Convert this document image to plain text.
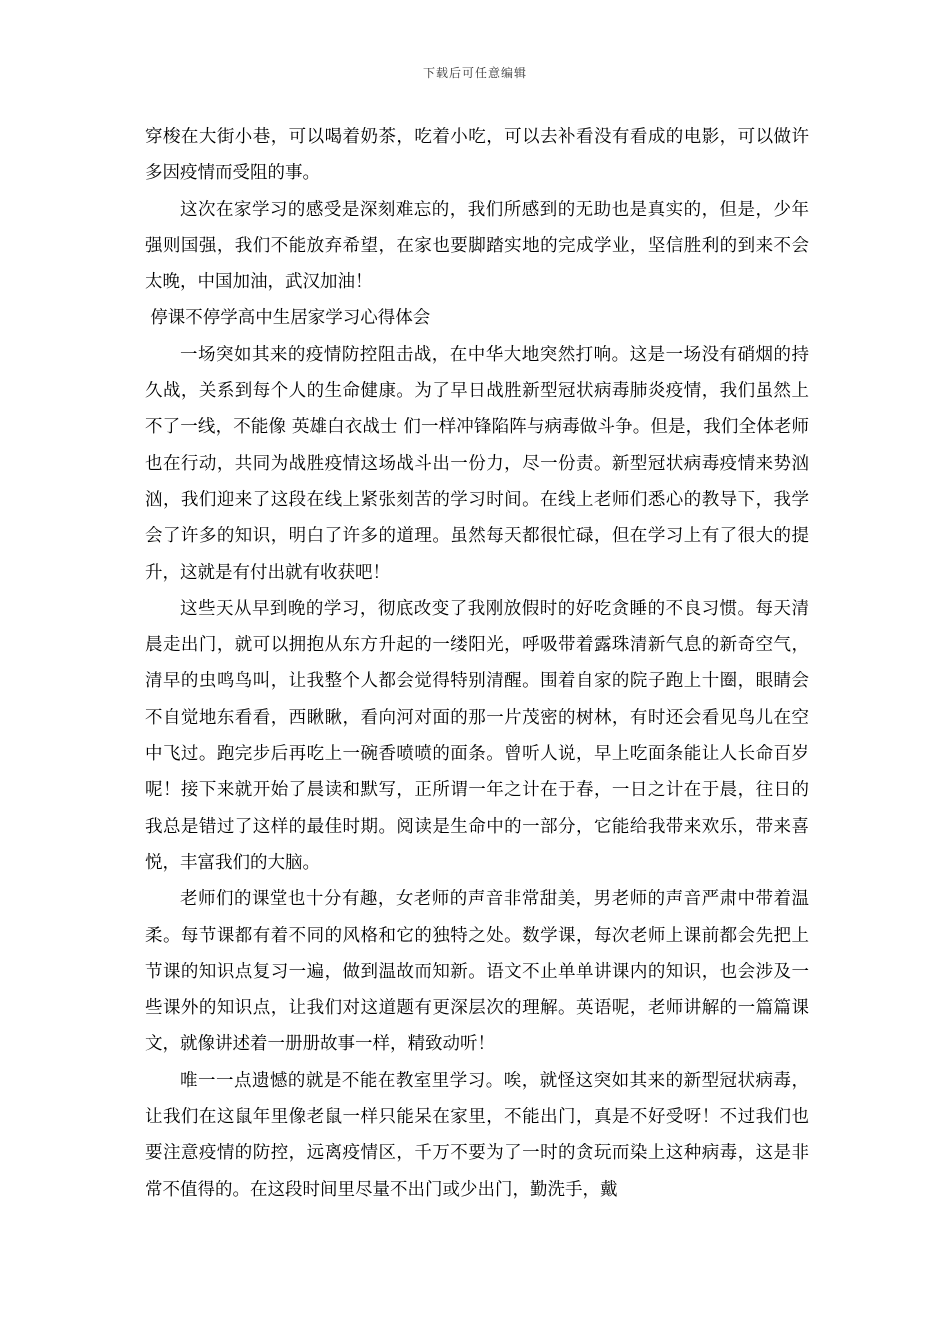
下载后可任意编辑

穿梭在大街小巷，可以喝着奶茶，吃着小吃，可以去补看没有看成的电影，可以做许多因疫情而受阻的事。

这次在家学习的感受是深刻难忘的，我们所感到的无助也是真实的，但是，少年强则国强，我们不能放弃希望，在家也要脚踏实地的完成学业，坚信胜利的到来不会太晚，中国加油，武汉加油！

停课不停学高中生居家学习心得体会

一场突如其来的疫情防控阻击战，在中华大地突然打响。这是一场没有硝烟的持久战，关系到每个人的生命健康。为了早日战胜新型冠状病毒肺炎疫情，我们虽然上不了一线，不能像 英雄白衣战士 们一样冲锋陷阵与病毒做斗争。但是，我们全体老师也在行动，共同为战胜疫情这场战斗出一份力，尽一份责。新型冠状病毒疫情来势汹汹，我们迎来了这段在线上紧张刻苦的学习时间。在线上老师们悉心的教导下，我学会了许多的知识，明白了许多的道理。虽然每天都很忙碌，但在学习上有了很大的提升，这就是有付出就有收获吧！

这些天从早到晚的学习，彻底改变了我刚放假时的好吃贪睡的不良习惯。每天清晨走出门，就可以拥抱从东方升起的一缕阳光，呼吸带着露珠清新气息的新奇空气，清早的虫鸣鸟叫，让我整个人都会觉得特别清醒。围着自家的院子跑上十圈，眼睛会不自觉地东看看，西瞅瞅，看向河对面的那一片茂密的树林，有时还会看见鸟儿在空中飞过。跑完步后再吃上一碗香喷喷的面条。曾听人说，早上吃面条能让人长命百岁呢！接下来就开始了晨读和默写，正所谓一年之计在于春，一日之计在于晨，往日的我总是错过了这样的最佳时期。阅读是生命中的一部分，它能给我带来欢乐，带来喜悦，丰富我们的大脑。

老师们的课堂也十分有趣，女老师的声音非常甜美，男老师的声音严肃中带着温柔。每节课都有着不同的风格和它的独特之处。数学课，每次老师上课前都会先把上节课的知识点复习一遍，做到温故而知新。语文不止单单讲课内的知识，也会涉及一些课外的知识点，让我们对这道题有更深层次的理解。英语呢，老师讲解的一篇篇课文，就像讲述着一册册故事一样，精致动听！

唯一一点遗憾的就是不能在教室里学习。唉，就怪这突如其来的新型冠状病毒，让我们在这鼠年里像老鼠一样只能呆在家里，不能出门，真是不好受呀！不过我们也要注意疫情的防控，远离疫情区，千万不要为了一时的贪玩而染上这种病毒，这是非常不值得的。在这段时间里尽量不出门或少出门，勤洗手，戴
